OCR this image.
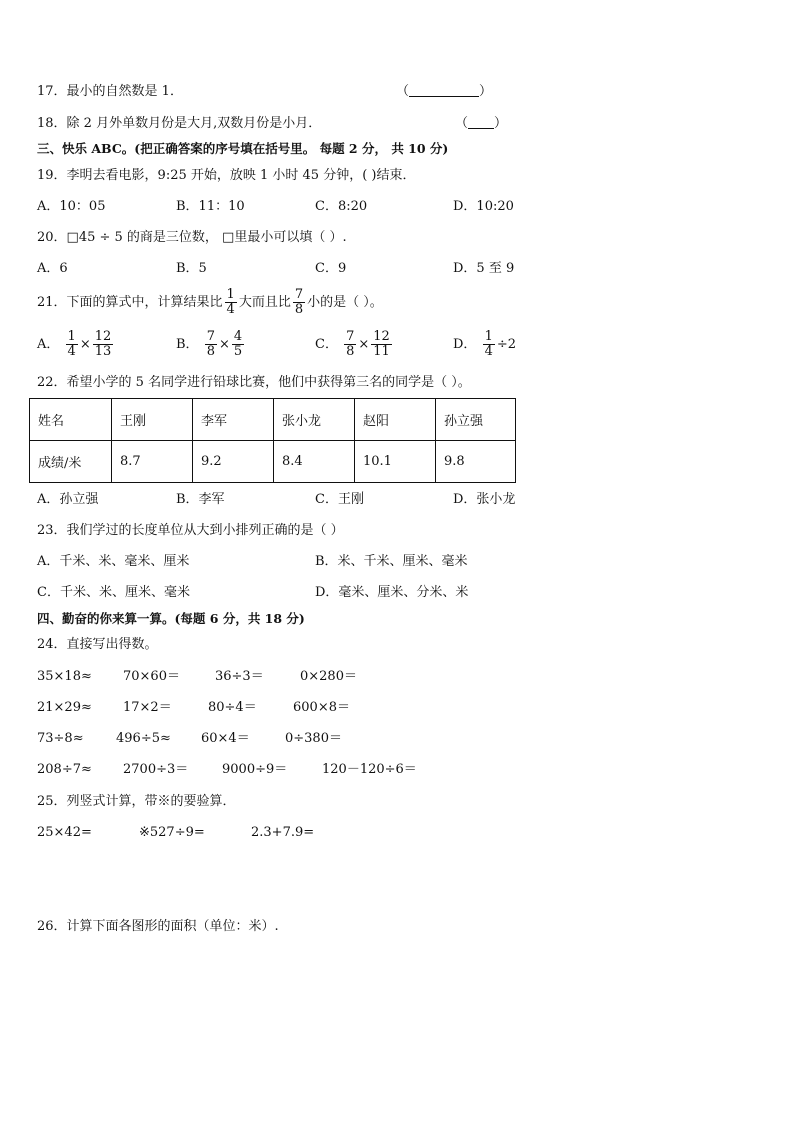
17．最小的自然数是 1．	（	）
18．除 2 月外单数月份是大月,双数月份是小月．	（ ）
三、快乐 ABC。(把正确答案的序号填在括号里。 每题 2 分， 共 10 分)
19．李明去看电影，9:25 开始，放映 1 小时 45 分钟，( )结束．
A．10：05	B．11：10	C．8:20	D．10:20
20．□45 ÷ 5 的商是三位数， □里最小可以填（ ）.
A．6	B．5	C．9	D．5 至 9
21．下面的算式中，计算结果比 $\frac{1}{4}$ 大而且比 $\frac{7}{8}$ 小的是（ ）。
A． $\frac{1}{4} \times \frac{12}{13}$	B． $\frac{7}{8} \times \frac{4}{5}$	C． $\frac{7}{8} \times \frac{12}{11}$	D． $\frac{1}{4} \div 2$
22．希望小学的 5 名同学进行铅球比赛，他们中获得第三名的同学是（ ）。
姓名	王刚	李军	张小龙	赵阳	孙立强
成绩/米	8.7	9.2	8.4	10.1	9.8
A．孙立强	B．李军	C．王刚	D．张小龙
23．我们学过的长度单位从大到小排列正确的是（ ）
A．千米、米、毫米、厘米	B．米、千米、厘米、毫米
C．千米、米、厘米、毫米	D．毫米、厘米、分米、米
四、勤奋的你来算一算。(每题 6 分，共 18 分)
24．直接写出得数。
35×18≈ 70×60＝	36÷3＝	0×280＝
21×29≈ 17×2＝	80÷4＝	600×8＝
73÷8≈ 496÷5≈ 60×4＝	0÷380＝
208÷7≈ 2700÷3＝	9000÷9＝	120－120÷6＝
25．列竖式计算，带※的要验算．
25×42=	※527÷9=	2.3+7.9=
26．计算下面各图形的面积（单位：米）.
